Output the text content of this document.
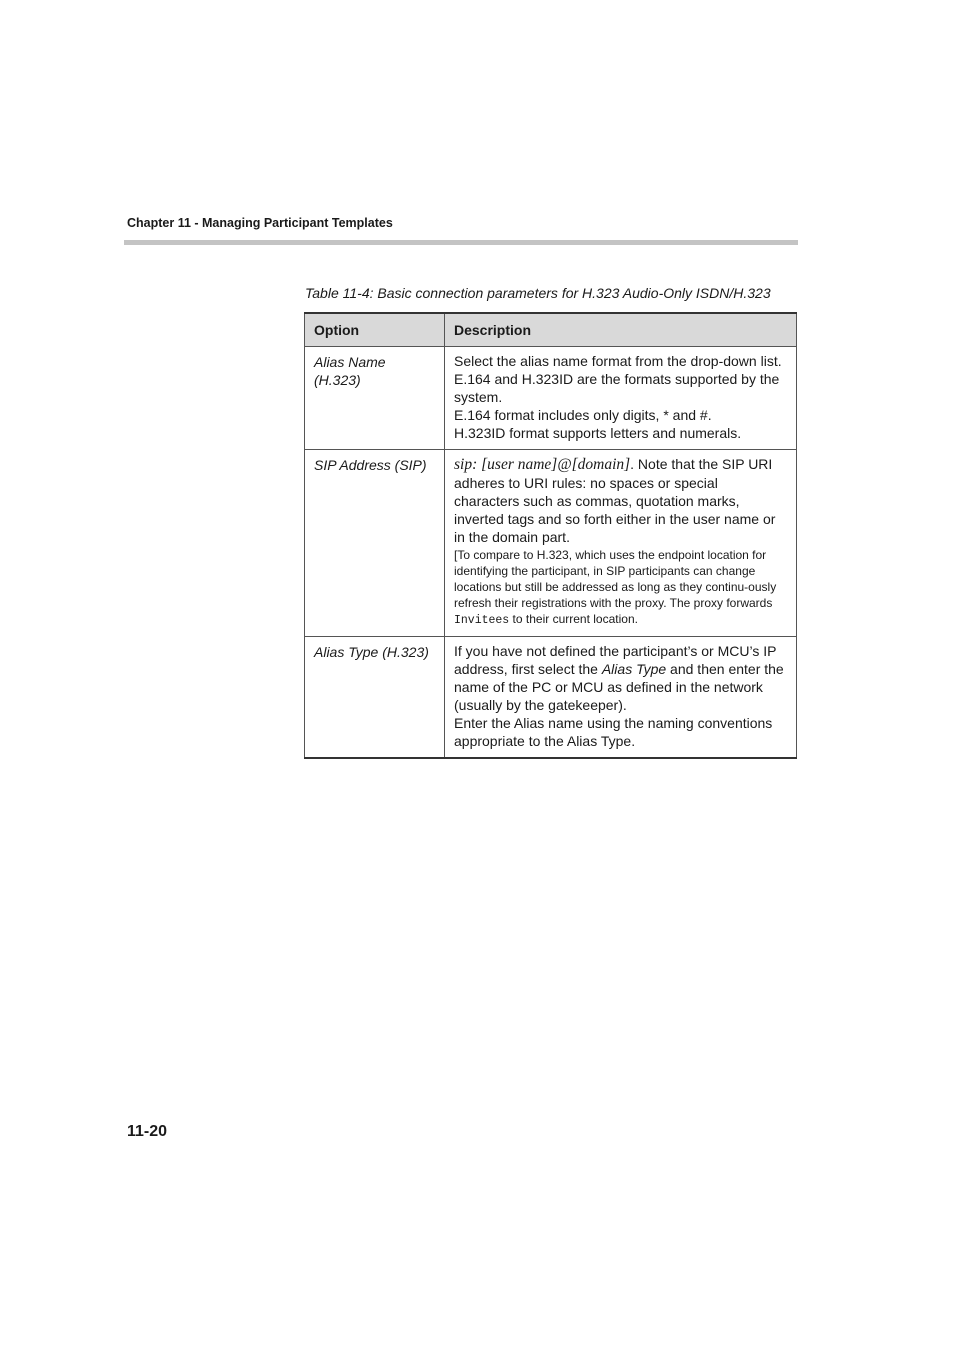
Chapter 11 - Managing Participant Templates
Table 11-4: Basic connection parameters for H.323 Audio-Only ISDN/H.323
Option	Description
Alias Name (H.323)	Select the alias name format from the drop-down list.
E.164 and H.323ID are the formats supported by the system.
E.164 format includes only digits, * and #.
H.323ID format supports letters and numerals.

SIP Address (SIP)	sip: [user name]@[domain]. Note that the SIP URI adheres to URI rules: no spaces or special characters such as commas, quotation marks, inverted tags and so forth either in the user name or in the domain part.
[To compare to H.323, which uses the endpoint location for identifying the participant, in SIP participants can change locations but still be addressed as long as they continu-ously refresh their registrations with the proxy. The proxy forwards Invitees to their current location.

Alias Type (H.323)	If you have not defined the participant’s or MCU’s IP address, first select the Alias Type and then enter the name of the PC or MCU as defined in the network (usually by the gatekeeper).
Enter the Alias name using the naming conventions appropriate to the Alias Type.
11-20
